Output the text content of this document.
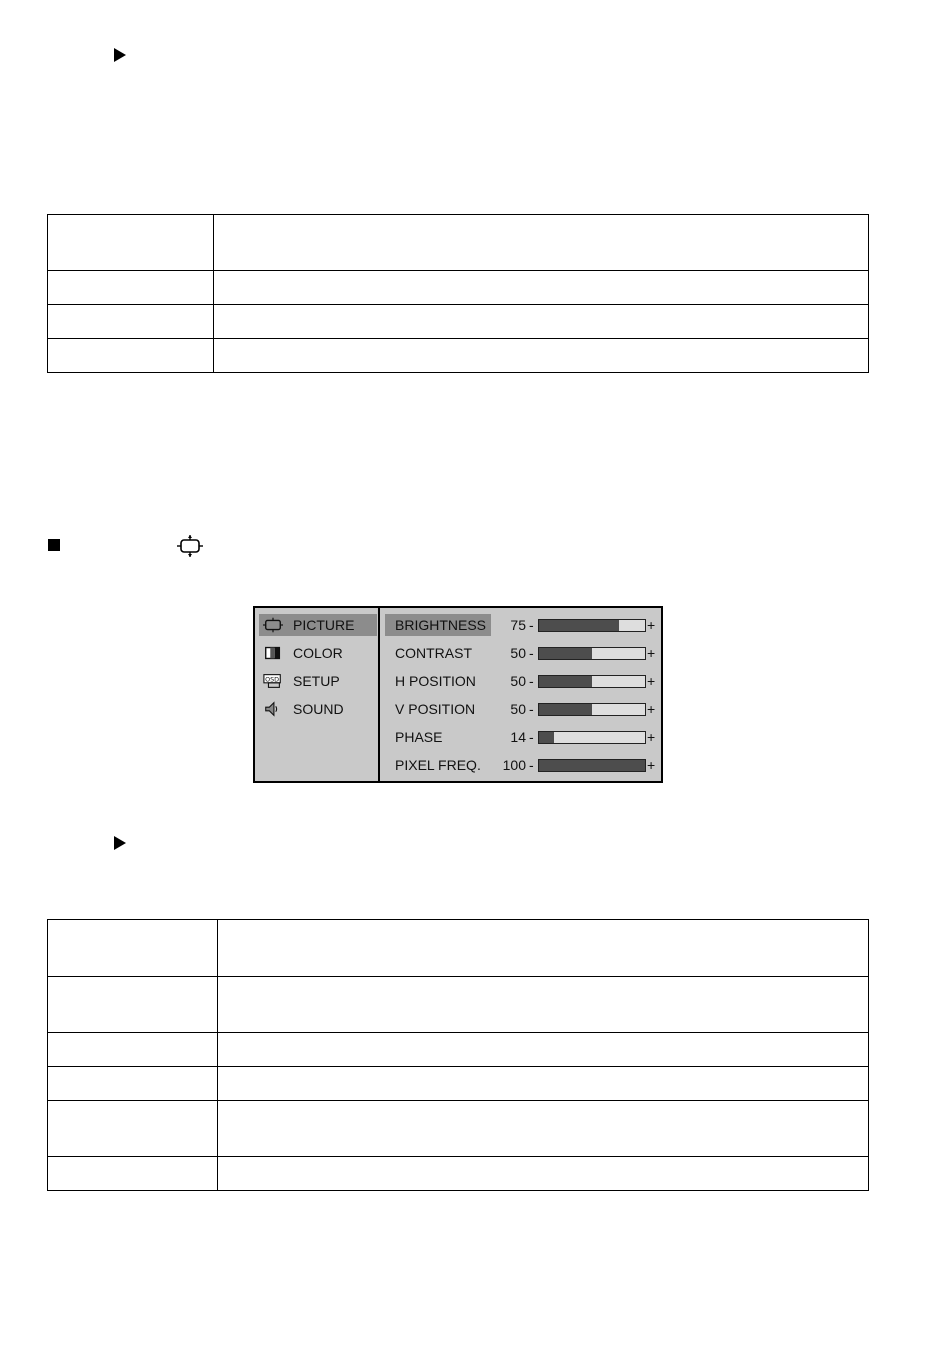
PICTURE
COLOR
OSD SETUP
SOUND
BRIGHTNESS	75 -	+
CONTRAST	50 -	+
H POSITION	50 -	+
V POSITION	50 -	+
PHASE	14 -	+
PIXEL FREQ.	100 -	+
